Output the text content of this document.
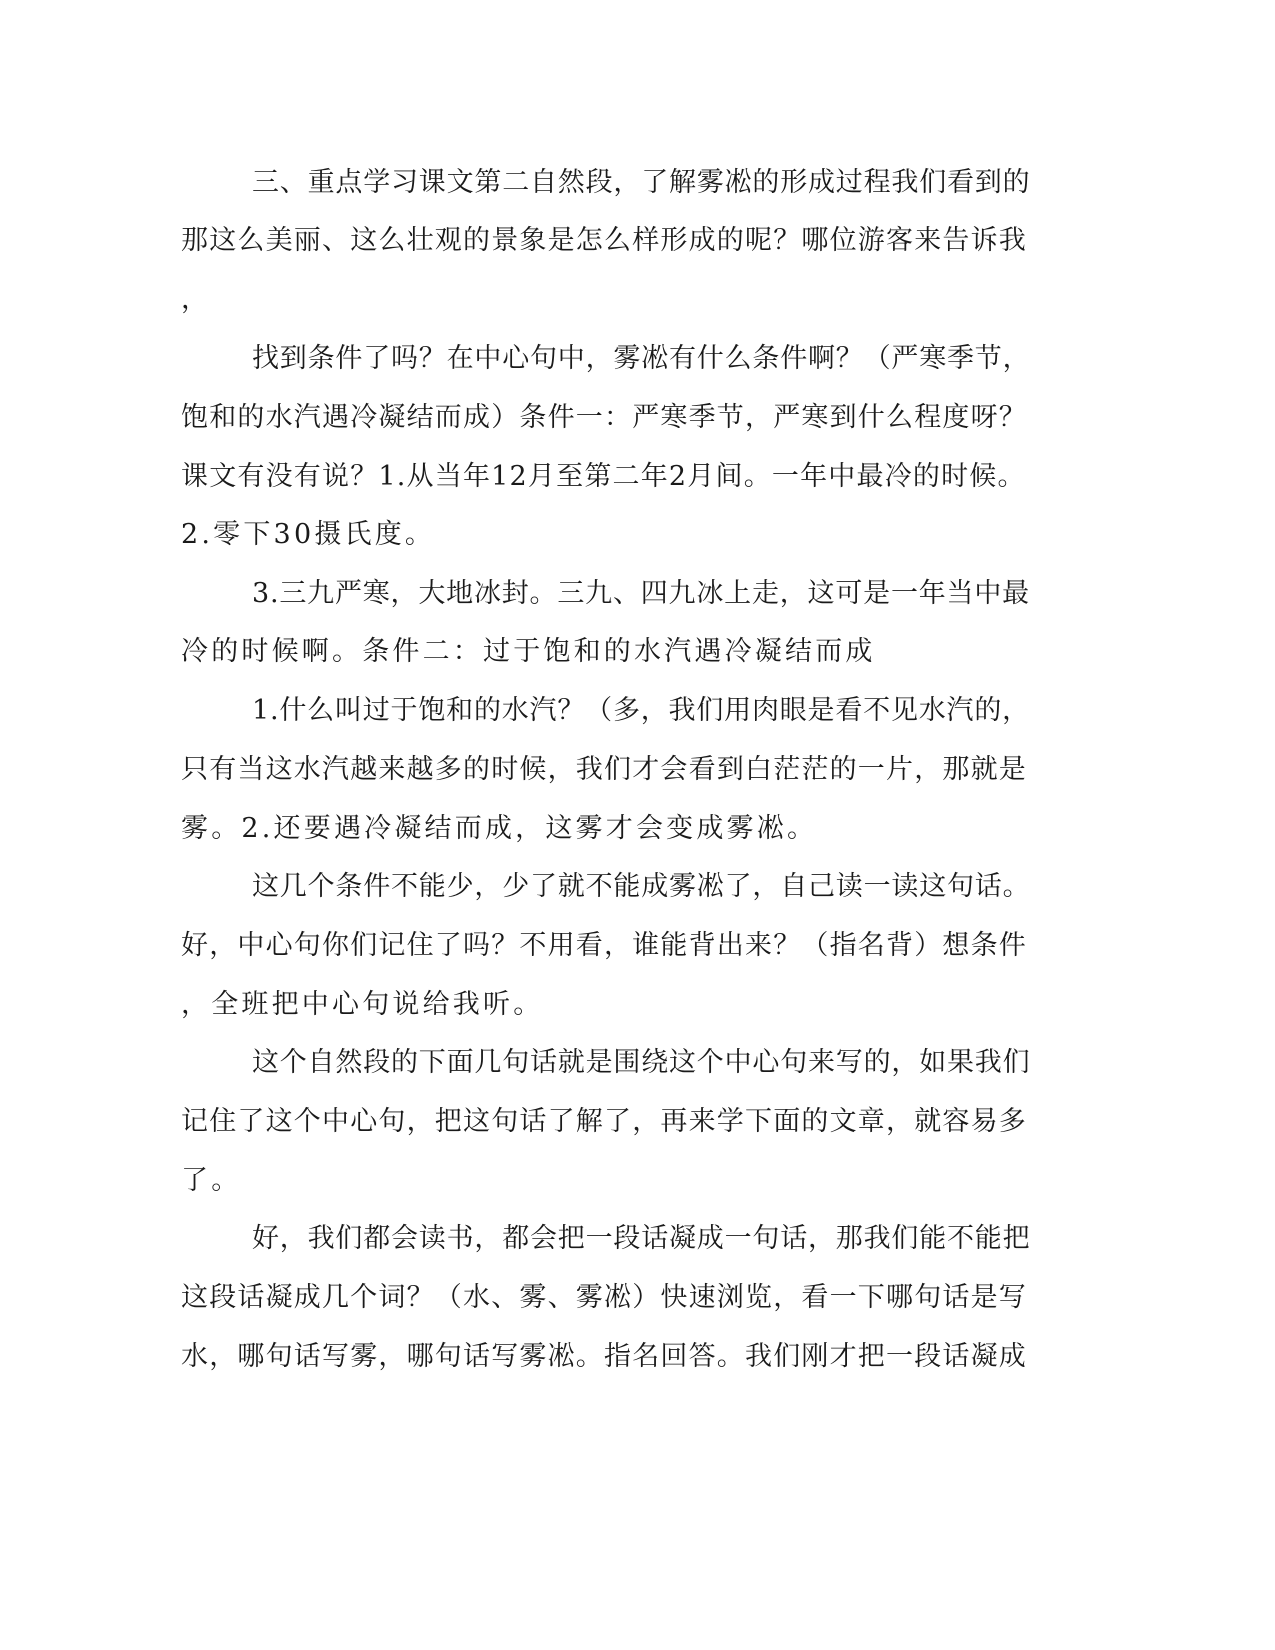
三、重点学习课文第二自然段，了解雾凇的形成过程我们看到的
那这么美丽、这么壮观的景象是怎么样形成的呢？哪位游客来告诉我
，
找到条件了吗？在中心句中，雾凇有什么条件啊？（严寒季节，
饱和的水汽遇冷凝结而成）条件一：严寒季节，严寒到什么程度呀？
课文有没有说？1.从当年12月至第二年2月间。一年中最冷的时候。
2.零下30摄氏度。
3.三九严寒，大地冰封。三九、四九冰上走，这可是一年当中最
冷的时候啊。条件二：过于饱和的水汽遇冷凝结而成
1.什么叫过于饱和的水汽？（多，我们用肉眼是看不见水汽的，
只有当这水汽越来越多的时候，我们才会看到白茫茫的一片，那就是
雾。2.还要遇冷凝结而成，这雾才会变成雾凇。
这几个条件不能少，少了就不能成雾凇了，自己读一读这句话。
好，中心句你们记住了吗？不用看，谁能背出来？（指名背）想条件
，全班把中心句说给我听。
这个自然段的下面几句话就是围绕这个中心句来写的，如果我们
记住了这个中心句，把这句话了解了，再来学下面的文章，就容易多
了。
好，我们都会读书，都会把一段话凝成一句话，那我们能不能把
这段话凝成几个词？（水、雾、雾凇）快速浏览，看一下哪句话是写
水，哪句话写雾，哪句话写雾凇。指名回答。我们刚才把一段话凝成
